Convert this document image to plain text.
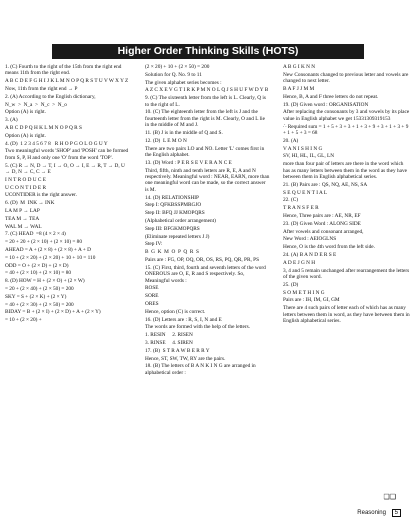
Higher Order Thinking Skills (HOTS)
1. (C) Fourth to the right of the 15th from the right end means 11th from the right end.
A B C D E F G H I J K L M N O P Q R S T U V W X Y Z
Now, 11th from the right end → P
2. (A) According to the English dictionary,
N_w  >  N_a  >  N_c  >  N_o
Option (A) is right.
3. (A)
A B C D P Q H K L M N O P Q R S
Option (A) is right.
4. (D)  1 2 3 4 5 6 7 8   R H O P G O L O G U Y
Two meaningful words 'SHOP' and 'POSH' can be formed from S, P, H and only one 'O' from the word 'TOP'.
5. (C) R → N, D → T, I → O, O → I, E → R, T → D, U → D, N → C, C → E
I N T R O D U C E
U C O N T I D E R
UCONTIDER is the right answer.
6. (D)  M  INK → INK
LA M P → LAP
TEA M → TEA
WAL M → WAL
7. (C) HEAD  =8 (4 × 2 × 4)
= 20 + 20 + (2 × 10) + (2 × 10) = 80
AHEAD = A + (2 × 8) + (2 × 8) + A + D
= 10 + (2 × 20) + (2 × 20) + 10 + 10 = 110
ODD = O + (2 × D) + (2 × D)
= 40 + (2 × 10) + (2 × 10) = 80
8. (D) HOW = H + (2 × O) + (2 × W)
= 20 + (2 × 40) + (2 × 50) = 200
SKY = S + (2 × K) + (2 × Y)
= 40 + (2 × 30) + (2 × 50) = 200
BIDAY = B + (2 × I) + (2 × D) + A + (2 × Y)
= 10 + (2 × 20) +
(2 × 20) + 10 + (2 × 50) = 200
Solution for Q. No. 9 to 11
The given alphabet series becomes :
A Z C X E V G T I R K P M N O L Q J S H U F W D Y B
9. (C) The sixteenth letter from the left is L. Clearly, Q is to the right of L.
10. (C) The eighteenth letter from the left is J and the fourteenth letter from the right is M. Clearly, O and L lie in the middle of M and J.
11. (B) J is in the middle of Q and S.
12. (D)  L E M O N
There are two pairs LO and NO. Letter 'L' comes first in the English alphabet.
13. (D) Word : P E R S E V E R A N C E
Third, fifth, ninth and tenth letters are R, E, A and N respectively. Meaningful word : NEAR, EARN, more than one meaningful word can be made, so the correct answer is M.
14. (D) RELATIONSHIP
Step I: QFKBSSPMRGJO
Step II: BFQ JJ KMOPQRS
(Alphabetical order arrangement)
Step III: BFGKMOPQRS
(Eliminate repeated letters J J)
Step IV:
B  G  K  M  O  P  Q  R  S
Pairs are : FG, OP, OQ, OR, OS, RS, PQ, QR, PR, PS
15. (C) First, third, fourth and seventh letters of the word ONEROUS are O, E, R and S respectively. So, Meaningful words :
ROSE
SORE
ORES
Hence, option (C) is correct.
16. (D) Letters are : R, S, I, N and E
The words are formed with the help of the letters.
1. RESIN     2. RISEN
3. RINSE     4. SIREN
17. (B)  S T R A W B E R R Y
Hence, ST, SW, TW, RY are the pairs.
18. (B) The letters of B A N K I N G are arranged in alphabetical order :
A B G I K N N
New Consonants changed to previous letter and vowels are changed to next letter.
B A F J J M M
Hence, B, A and F three letters do not repeat.
19. (D) Given word : ORGANISATION
After replacing the consonants by 3 and vowels by its place value in English alphabet we get 15331309319153
∴ Required sum = 1 + 5 + 3 + 3 + 1 + 3 + 9 + 3 + 1 + 3 + 9 + 1 + 5 + 3 = 68
20. (A)
V A N I S H I N G
SV, HI, HL, IL, GL, LN
more than four pair of letters are there in the word which has as many letters between them in the word as they have between them in English alphabetical series.
21. (B) Pairs are : QS, NQ, AE, NS, SA
S E Q U E N T I A L
22. (C)
T R A N S F E R
Hence, Three pairs are : AE, NR, EF
23. (D) Given Word : ALONG SIDE
After vowels and consonant arranged,
New Word : AEIOGLNS
Hence, O is the 4th word from the left side.
24. (A) B A N D E R S E
A D E J G N H
3, 4 and 5 remain unchanged after rearrangement the letters of the given word.
25. (D)
S O M E T H I N G
Pairs are : IH, IM, GI, GM
There are 4 such pairs of letter each of which has as many letters between them in word, as they have between them in English alphabetical series.
❑❑
Reasoning 5
